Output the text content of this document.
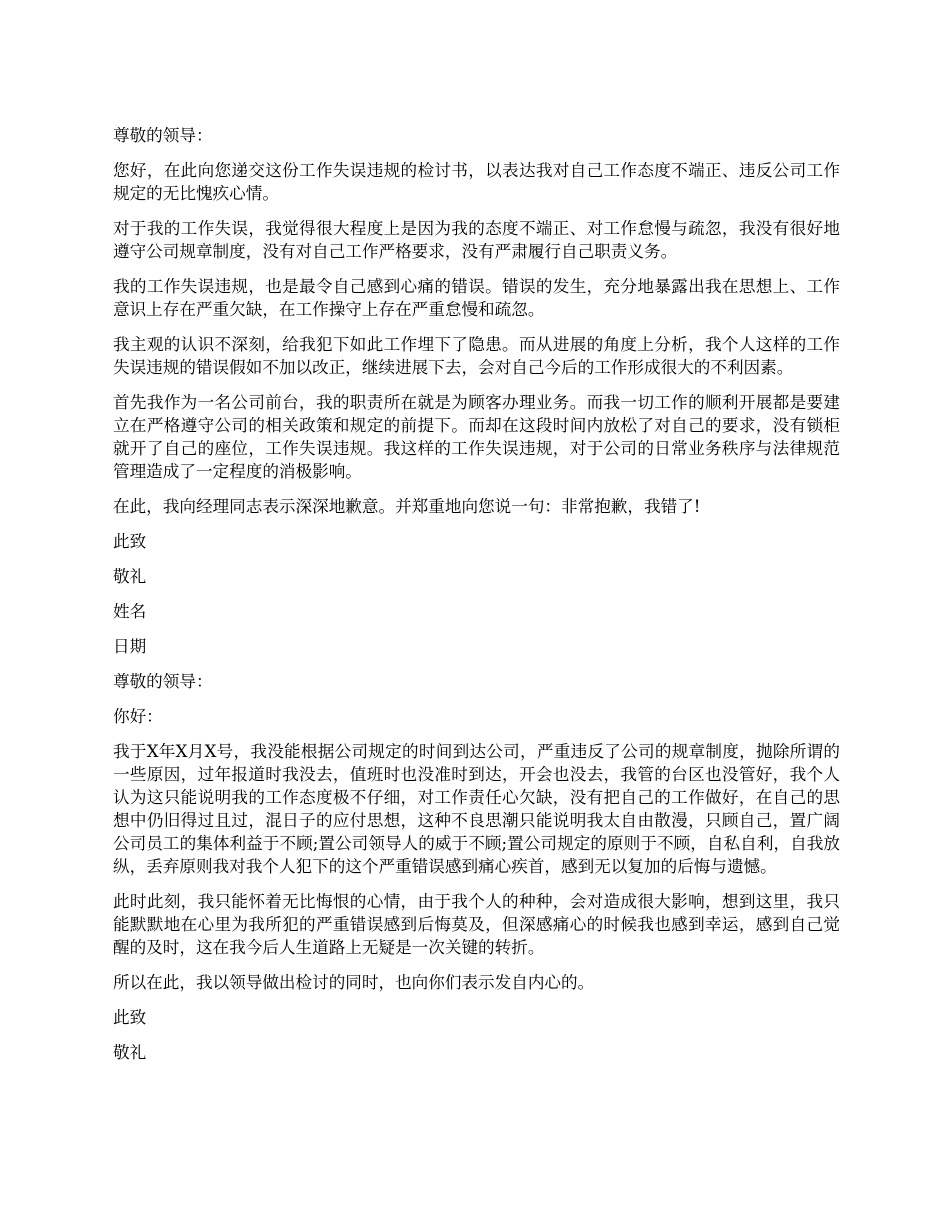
尊敬的领导：

您好，在此向您递交这份工作失误违规的检讨书，以表达我对自己工作态度不端正、违反公司工作规定的无比愧疚心情。

对于我的工作失误，我觉得很大程度上是因为我的态度不端正、对工作怠慢与疏忽，我没有很好地遵守公司规章制度，没有对自己工作严格要求，没有严肃履行自己职责义务。

我的工作失误违规，也是最令自己感到心痛的错误。错误的发生，充分地暴露出我在思想上、工作意识上存在严重欠缺，在工作操守上存在严重怠慢和疏忽。

我主观的认识不深刻，给我犯下如此工作埋下了隐患。而从进展的角度上分析，我个人这样的工作失误违规的错误假如不加以改正，继续进展下去，会对自己今后的工作形成很大的不利因素。

首先我作为一名公司前台，我的职责所在就是为顾客办理业务。而我一切工作的顺利开展都是要建立在严格遵守公司的相关政策和规定的前提下。而却在这段时间内放松了对自己的要求，没有锁柜就开了自己的座位，工作失误违规。我这样的工作失误违规，对于公司的日常业务秩序与法律规范管理造成了一定程度的消极影响。

在此，我向经理同志表示深深地歉意。并郑重地向您说一句：非常抱歉，我错了!

此致

敬礼

姓名

日期

尊敬的领导：

你好：

我于X年X月X号，我没能根据公司规定的时间到达公司，严重违反了公司的规章制度，抛除所谓的一些原因，过年报道时我没去，值班时也没准时到达，开会也没去，我管的台区也没管好，我个人认为这只能说明我的工作态度极不仔细，对工作责任心欠缺，没有把自己的工作做好，在自己的思想中仍旧得过且过，混日子的应付思想，这种不良思潮只能说明我太自由散漫，只顾自己，置广阔公司员工的集体利益于不顾;置公司领导人的威于不顾;置公司规定的原则于不顾，自私自利，自我放纵，丢弃原则我对我个人犯下的这个严重错误感到痛心疾首，感到无以复加的后悔与遗憾。

此时此刻，我只能怀着无比悔恨的心情，由于我个人的种种，会对造成很大影响，想到这里，我只能默默地在心里为我所犯的严重错误感到后悔莫及，但深感痛心的时候我也感到幸运，感到自己觉醒的及时，这在我今后人生道路上无疑是一次关键的转折。

所以在此，我以领导做出检讨的同时，也向你们表示发自内心的。

此致

敬礼
